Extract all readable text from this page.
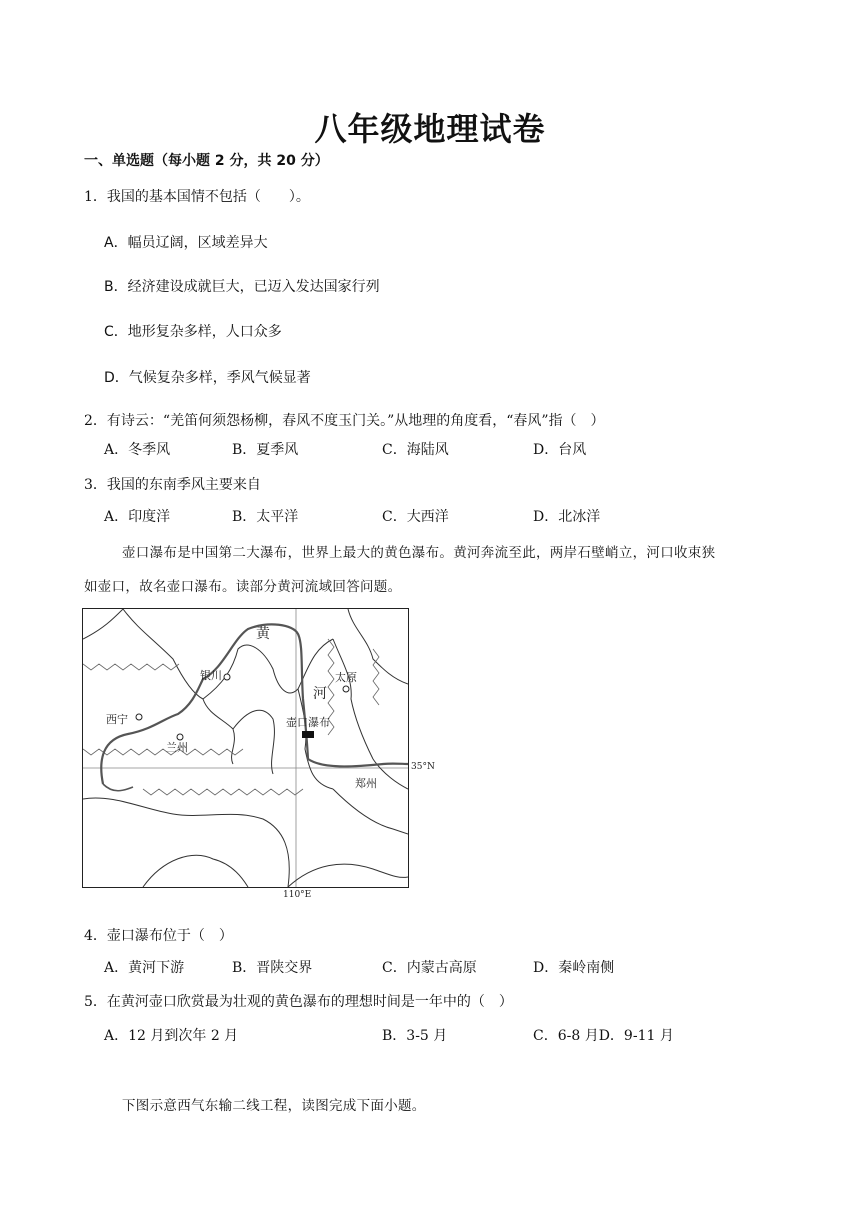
八年级地理试卷
一、单选题（每小题 2 分，共 20 分）
1．我国的基本国情不包括（　　）。
A．幅员辽阔，区域差异大
B．经济建设成就巨大，已迈入发达国家行列
C．地形复杂多样，人口众多
D．气候复杂多样，季风气候显著
2．有诗云：“羌笛何须怨杨柳，春风不度玉门关。”从地理的角度看，“春风”指（　）
A．冬季风	B．夏季风	C．海陆风	D．台风
3．我国的东南季风主要来自
A．印度洋	B．太平洋	C．大西洋	D．北冰洋
壶口瀑布是中国第二大瀑布，世界上最大的黄色瀑布。黄河奔流至此，两岸石壁峭立，河口收束狭
如壶口，故名壶口瀑布。读部分黄河流域回答问题。
黄
河
银川	太原
西宁
兰州
壶口瀑布
郑州
35°N
110°E
4．壶口瀑布位于（　）
A．黄河下游	B．晋陕交界	C．内蒙古高原	D．秦岭南侧
5．在黄河壶口欣赏最为壮观的黄色瀑布的理想时间是一年中的（　）
A．12 月到次年 2 月	B．3-5 月	C．6-8 月D．9-11 月
下图示意西气东输二线工程，读图完成下面小题。
